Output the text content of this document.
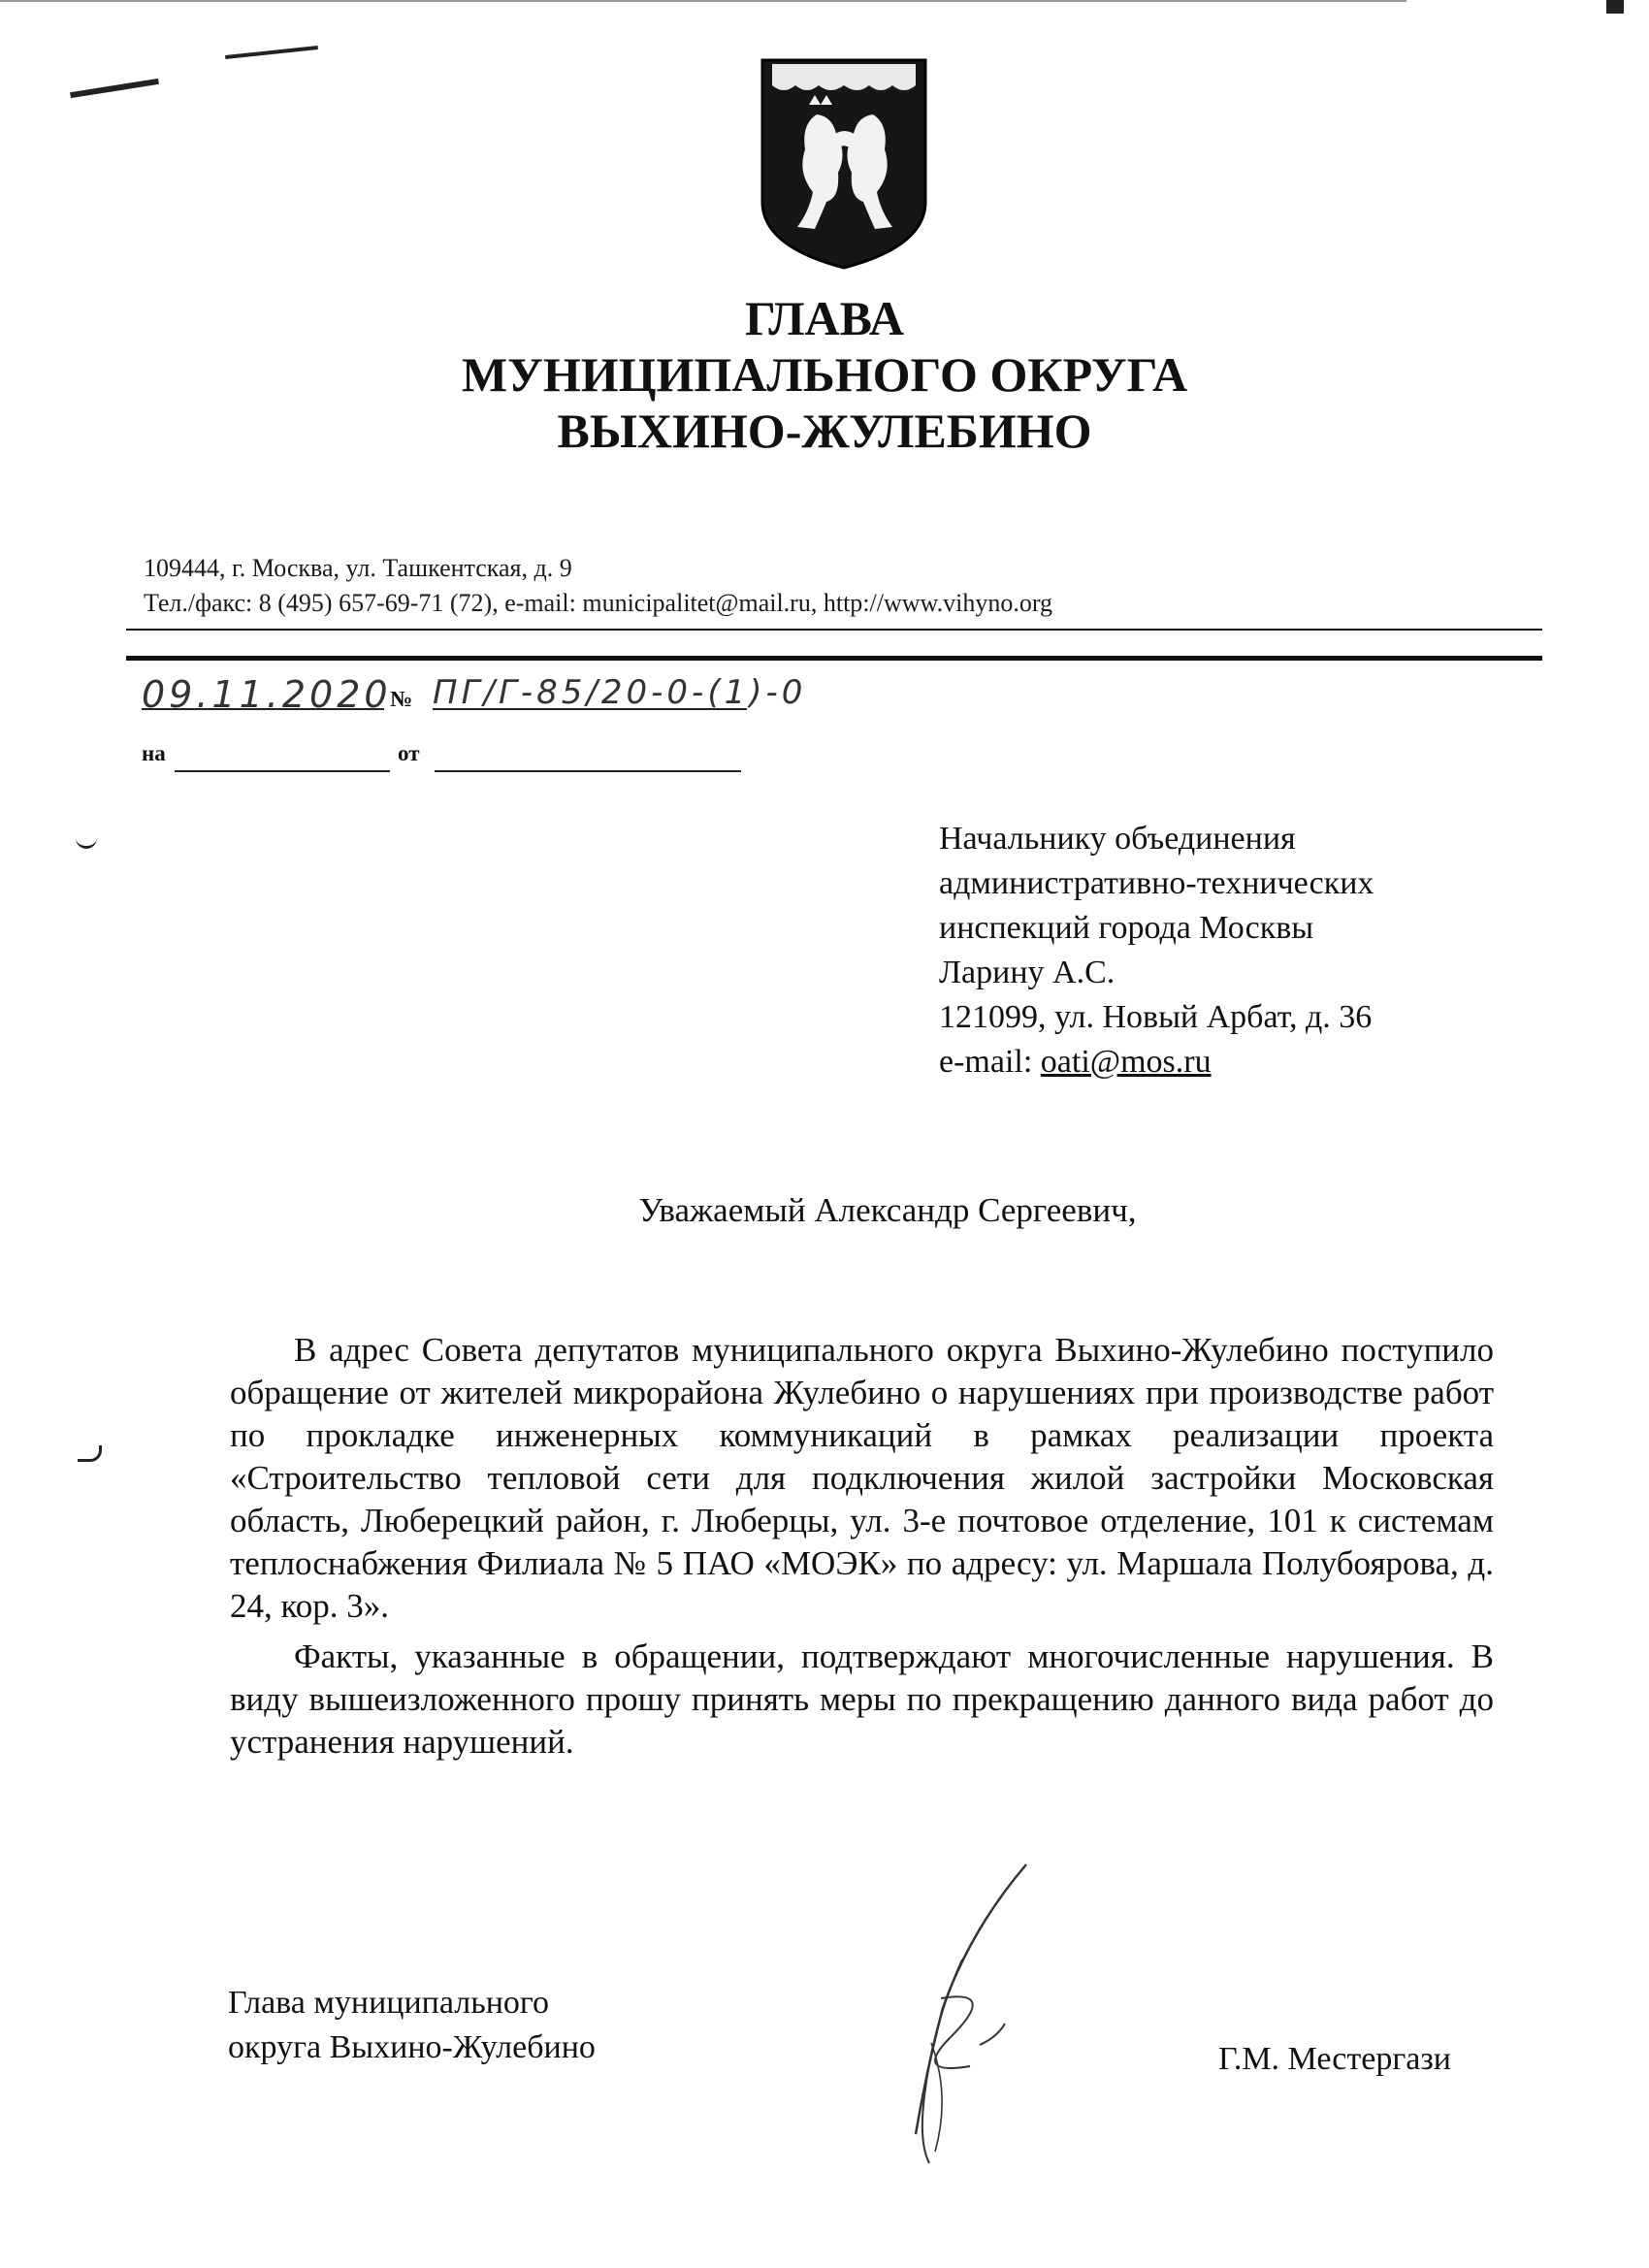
ГЛАВА
МУНИЦИПАЛЬНОГО ОКРУГА
ВЫХИНО-ЖУЛЕБИНО
109444, г. Москва, ул. Ташкентская, д. 9
Тел./факс: 8 (495) 657-69-71 (72), e-mail: municipalitet@mail.ru, http://www.vihyno.org
09.11.2020
№ ПГ/Г-85/20-0-(1)-0
на	от
Начальнику объединения
административно-технических
инспекций города Москвы
Ларину А.С.
121099, ул. Новый Арбат, д. 36
e-mail: oati@mos.ru
Уважаемый Александр Сергеевич,

В адрес Совета депутатов муниципального округа Выхино-Жулебино поступило обращение от жителей микрорайона Жулебино о нарушениях при производстве работ по прокладке инженерных коммуникаций в рамках реализации проекта «Строительство тепловой сети для подключения жилой застройки Московская область, Люберецкий район, г. Люберцы, ул. 3-е почтовое отделение, 101 к системам теплоснабжения Филиала № 5 ПАО «МОЭК» по адресу: ул. Маршала Полубоярова, д. 24, кор. 3».

Факты, указанные в обращении, подтверждают многочисленные нарушения. В виду вышеизложенного прошу принять меры по прекращению данного вида работ до устранения нарушений.

Глава муниципального
округа Выхино-Жулебино	Г.М. Местергази
